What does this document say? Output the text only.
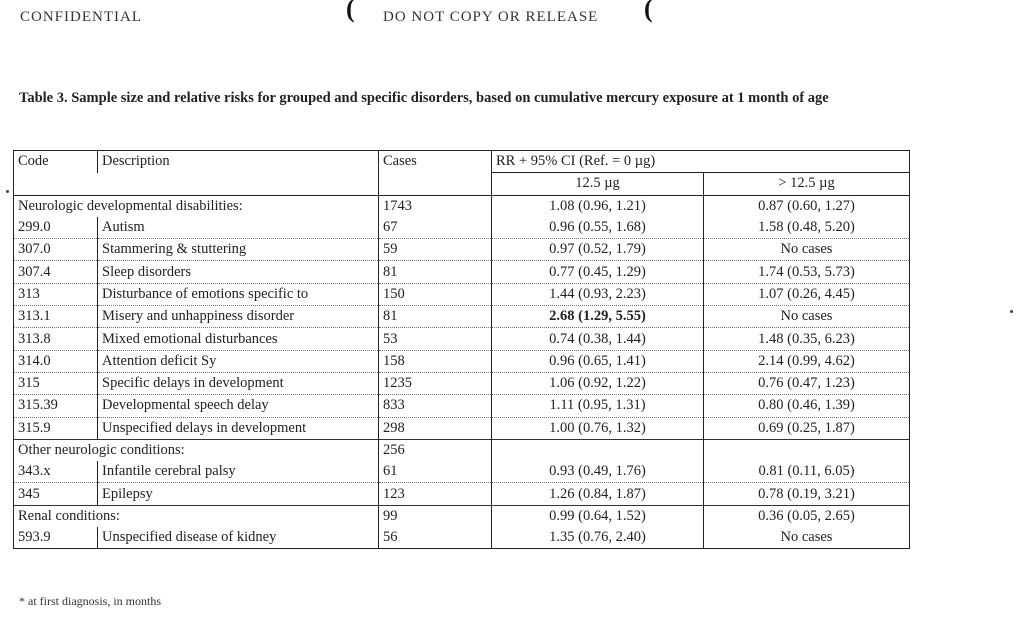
CONFIDENTIAL	( DO NOT COPY OR RELEASE (
Table 3. Sample size and relative risks for grouped and specific disorders, based on cumulative mercury exposure at 1 month of age
Code	Description	Cases	RR + 95% CI (Ref. = 0 µg)	
			12.5 µg	> 12.5 µg
Neurologic developmental disabilities:		1743	1.08 (0.96, 1.21)	0.87 (0.60, 1.27)
299.0	Autism	67	0.96 (0.55, 1.68)	1.58 (0.48, 5.20)
307.0	Stammering & stuttering	59	0.97 (0.52, 1.79)	No cases
307.4	Sleep disorders	81	0.77 (0.45, 1.29)	1.74 (0.53, 5.73)
313	Disturbance of emotions specific to	150	1.44 (0.93, 2.23)	1.07 (0.26, 4.45)
313.1	Misery and unhappiness disorder	81	2.68 (1.29, 5.55)	No cases
313.8	Mixed emotional disturbances	53	0.74 (0.38, 1.44)	1.48 (0.35, 6.23)
314.0	Attention deficit Sy	158	0.96 (0.65, 1.41)	2.14 (0.99, 4.62)
315	Specific delays in development	1235	1.06 (0.92, 1.22)	0.76 (0.47, 1.23)
315.39	Developmental speech delay	833	1.11 (0.95, 1.31)	0.80 (0.46, 1.39)
315.9	Unspecified delays in development	298	1.00 (0.76, 1.32)	0.69 (0.25, 1.87)
Other neurologic conditions:		256		
343.x	Infantile cerebral palsy	61	0.93 (0.49, 1.76)	0.81 (0.11, 6.05)
345	Epilepsy	123	1.26 (0.84, 1.87)	0.78 (0.19, 3.21)
Renal conditions:		99	0.99 (0.64, 1.52)	0.36 (0.05, 2.65)
593.9	Unspecified disease of kidney	56	1.35 (0.76, 2.40)	No cases
* at first diagnosis, in months
